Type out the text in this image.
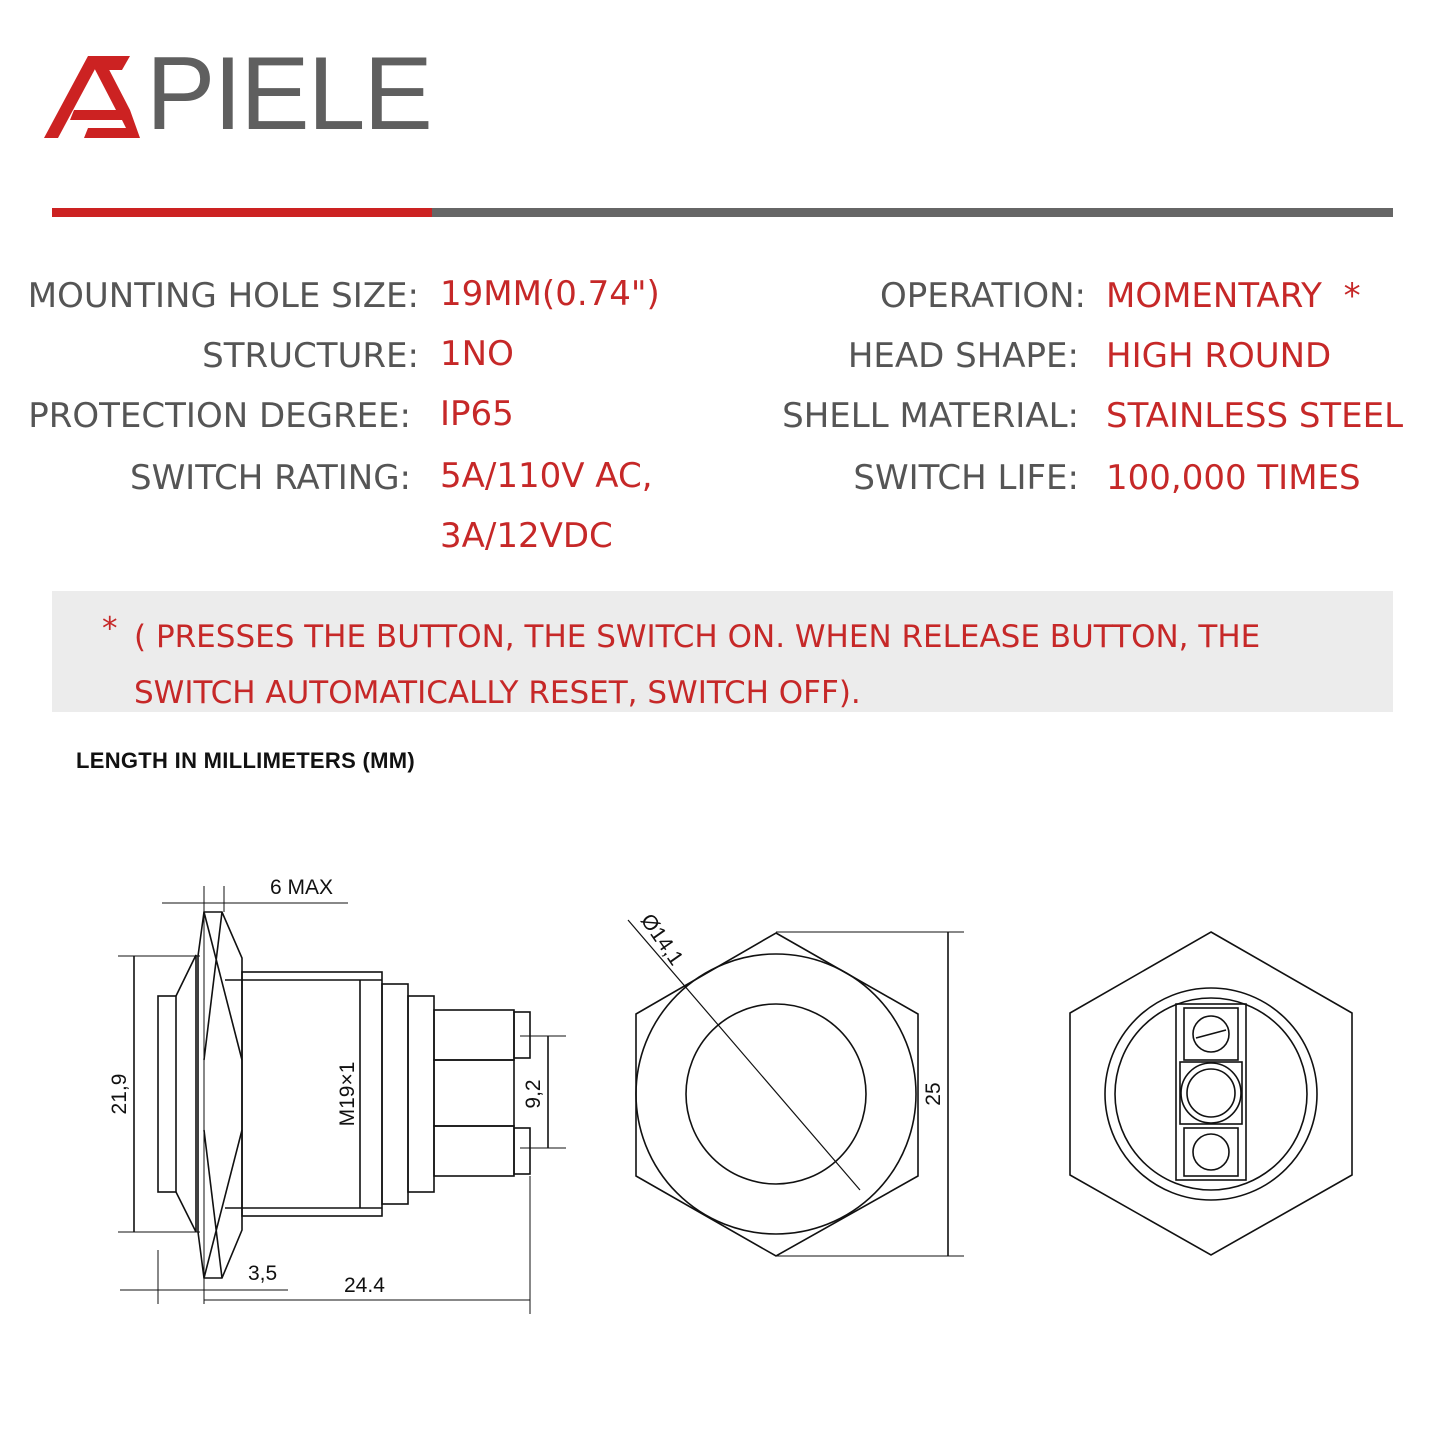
PIELE
MOUNTING HOLE SIZE: 19MM(0.74")
STRUCTURE: 1NO
PROTECTION DEGREE: IP65
SWITCH RATING: 5A/110V AC,
3A/12VDC
OPERATION: MOMENTARY  *
HEAD SHAPE: HIGH ROUND
SHELL MATERIAL: STAINLESS STEEL
SWITCH LIFE: 100,000 TIMES
* ( PRESSES THE BUTTON, THE SWITCH ON. WHEN RELEASE BUTTON, THE SWITCH AUTOMATICALLY RESET, SWITCH OFF).
LENGTH IN MILLIMETERS (MM)
6 MAX
21,9	M19×1	9,2
3,5
24.4
Ø14,1
25
